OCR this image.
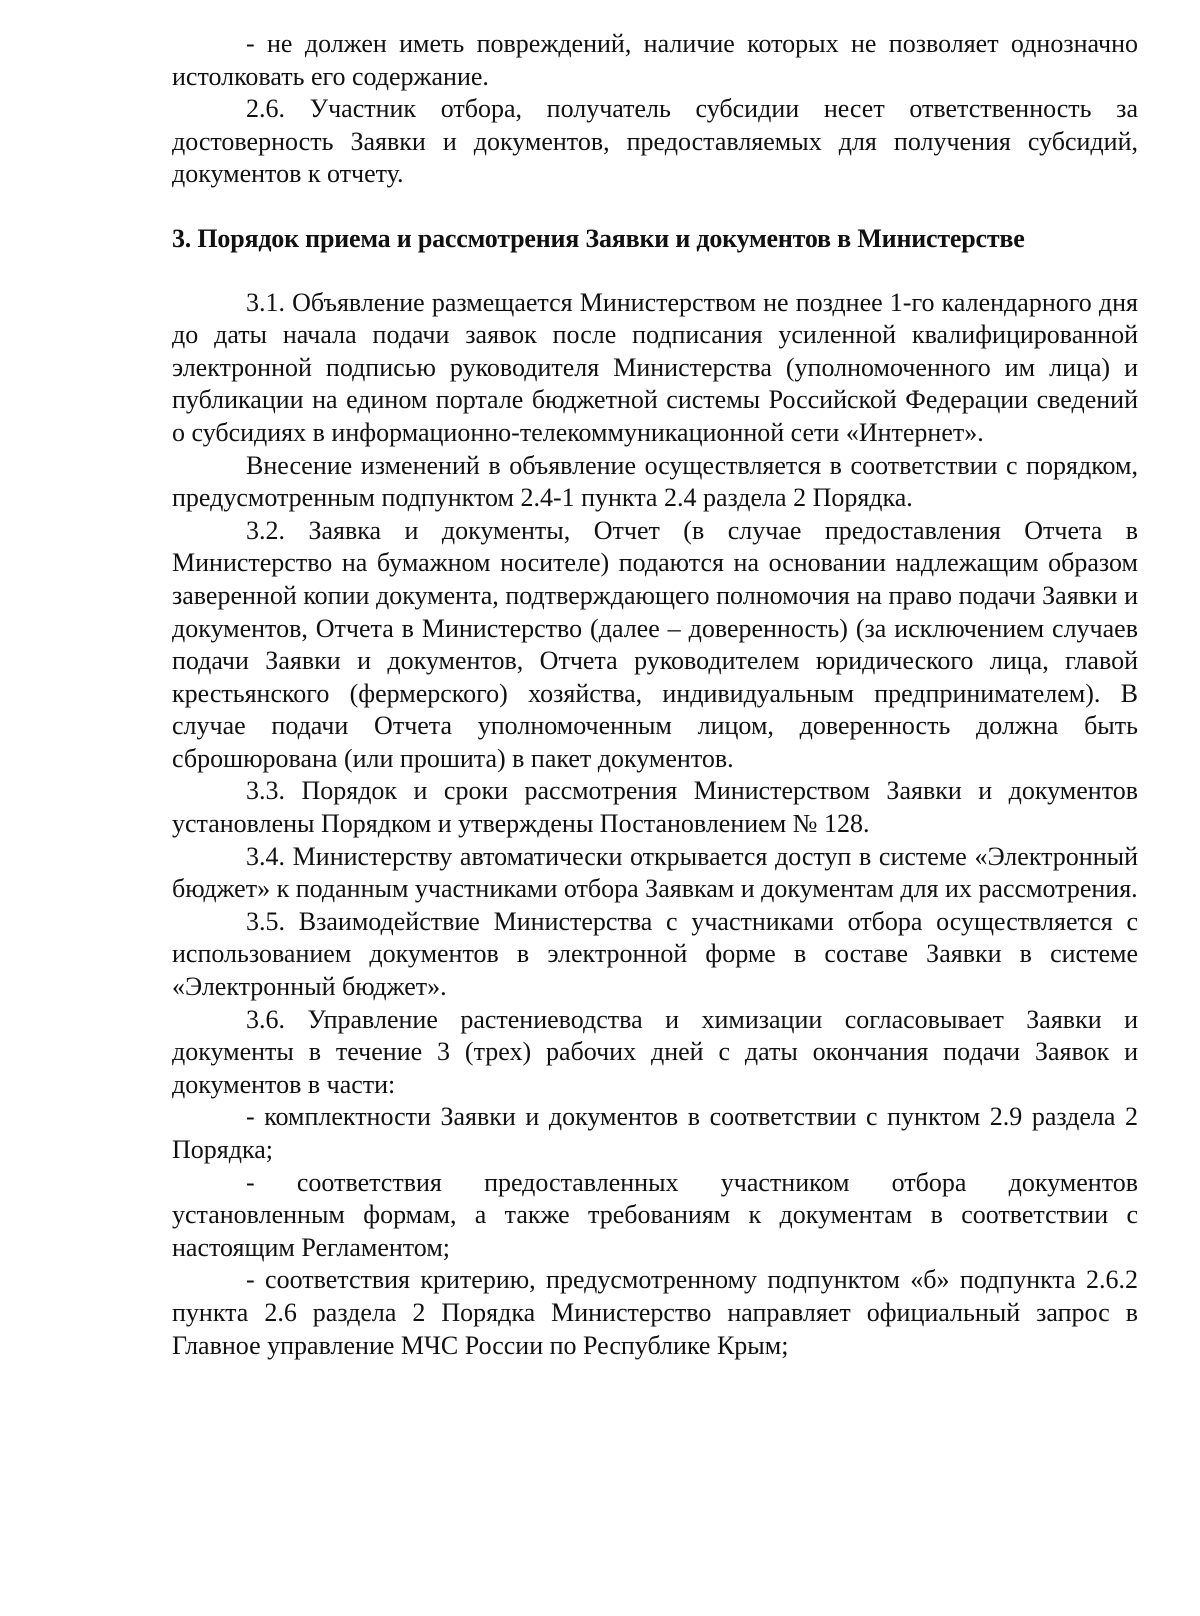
- не должен иметь повреждений, наличие которых не позволяет однозначно истолковать его содержание.

2.6. Участник отбора, получатель субсидии несет ответственность за достоверность Заявки и документов, предоставляемых для получения субсидий, документов к отчету.

3. Порядок приема и рассмотрения Заявки и документов в Министерстве

3.1. Объявление размещается Министерством не позднее 1-го календарного дня до даты начала подачи заявок после подписания усиленной квалифицированной электронной подписью руководителя Министерства (уполномоченного им лица) и публикации на едином портале бюджетной системы Российской Федерации сведений о субсидиях в информационно-телекоммуникационной сети «Интернет».

Внесение изменений в объявление осуществляется в соответствии с порядком, предусмотренным подпунктом 2.4-1 пункта 2.4 раздела 2 Порядка.

3.2. Заявка и документы, Отчет (в случае предоставления Отчета в Министерство на бумажном носителе) подаются на основании надлежащим образом заверенной копии документа, подтверждающего полномочия на право подачи Заявки и документов, Отчета в Министерство (далее – доверенность) (за исключением случаев подачи Заявки и документов, Отчета руководителем юридического лица, главой крестьянского (фермерского) хозяйства, индивидуальным предпринимателем). В случае подачи Отчета уполномоченным лицом, доверенность должна быть сброшюрована (или прошита) в пакет документов.

3.3. Порядок и сроки рассмотрения Министерством Заявки и документов установлены Порядком и утверждены Постановлением № 128.

3.4. Министерству автоматически открывается доступ в системе «Электронный бюджет» к поданным участниками отбора Заявкам и документам для их рассмотрения.

3.5. Взаимодействие Министерства с участниками отбора осуществляется с использованием документов в электронной форме в составе Заявки в системе «Электронный бюджет».

3.6. Управление растениеводства и химизации согласовывает Заявки и документы в течение 3 (трех) рабочих дней с даты окончания подачи Заявок и документов в части:

- комплектности Заявки и документов в соответствии с пунктом 2.9 раздела 2 Порядка;

- соответствия предоставленных участником отбора документов установленным формам, а также требованиям к документам в соответствии с настоящим Регламентом;

- соответствия критерию, предусмотренному подпунктом «б» подпункта 2.6.2 пункта 2.6 раздела 2 Порядка Министерство направляет официальный запрос в Главное управление МЧС России по Республике Крым;
